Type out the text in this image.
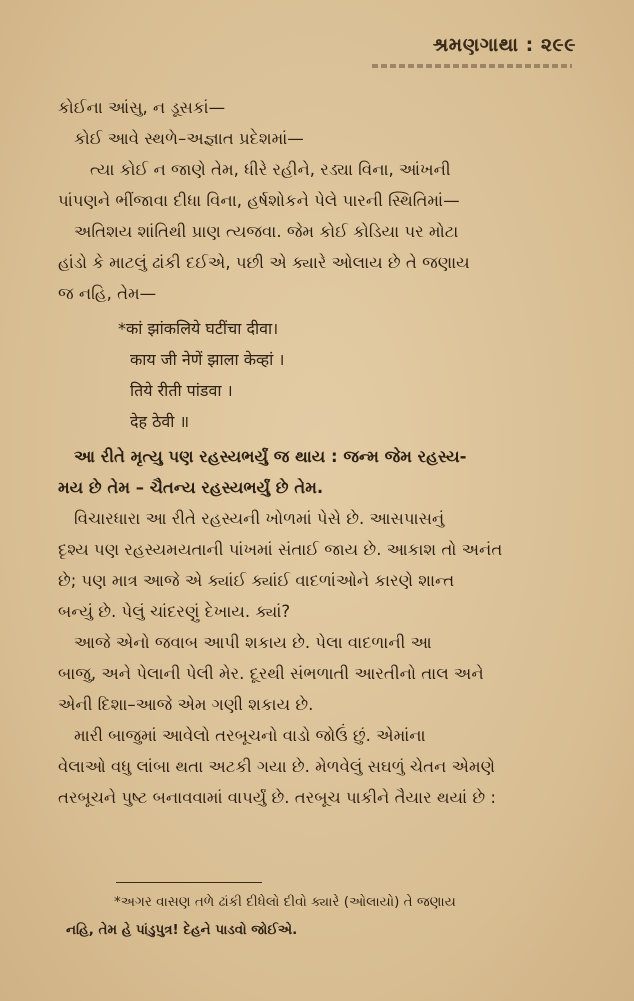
શ્રમણગાથા : ૨૯૯
કોઈના આંસુ, ન ડૂસકાં—
કોઈ આવે સ્થળે–અજ્ઞાત પ્રદેશમાં—
ત્યા કોઈ ન જાણે તેમ, ધીરે રહીને, રડ્યા વિના, આંખની
પાંપણને ભીંજાવા દીધા વિના, હર્ષશોકને પેલે પારની સ્થિતિમાં—
અતિશય શાંતિથી પ્રાણ ત્યજવા. જેમ કોઈ કોડિયા પર મોટા
હાંડો કે માટલું ઢાંકી દઈએ, પછી એ ક્યારે ઓલાય છે તે જણાય
જ નહિ, તેમ—
*कां झांकलिये घटींचा दीवा।
काय जी नेणें झाला केव्हां ।
तिये रीती पांडवा ।
देह ठेवी ॥
આ રીતે મૃત્યુ પણ રહસ્યભર્યું જ થાય : જન્મ જેમ રહસ્ય-
મય છે તેમ – ચૈતન્ય રહસ્યભર્યું છે તેમ.
વિચારધારા આ રીતે રહસ્યની ખોળમાં પેસે છે. આસપાસનું
દૃશ્ય પણ રહસ્યમયતાની પાંખમાં સંતાઈ જાય છે. આકાશ તો અનંત
છે; પણ માત્ર આજે એ ક્યાંઈ ક્યાંઈ વાદળાંઓને કારણે શાન્ત
બન્યું છે. પેલું ચાંદરણું દેખાય. ક્યાં?
આજે એનો જવાબ આપી શકાય છે. પેલા વાદળાની આ
બાજુ, અને પેલાની પેલી મેર. દૂરથી સંભળાતી આરતીનો તાલ અને
એની દિશા–આજે એમ ગણી શકાય છે.
મારી બાજુમાં આવેલો તરબૂચનો વાડો જોઉં છું. એમાંના
વેલાઓ વધુ લાંબા થતા અટકી ગયા છે. મેળવેલું સઘળું ચેતન એમણે
તરબૂચને પુષ્ટ બનાવવામાં વાપર્યું છે. તરબૂચ પાકીને તૈયાર થયાં છે :
*અગર વાસણ તળે ઢાંકી દીધેલો દીવો ક્યારે (ઓલાયો) તે જણાય
નહિ, તેમ હે પાંડુપુત્ર! દેહને પાડવો જોઈએ.
